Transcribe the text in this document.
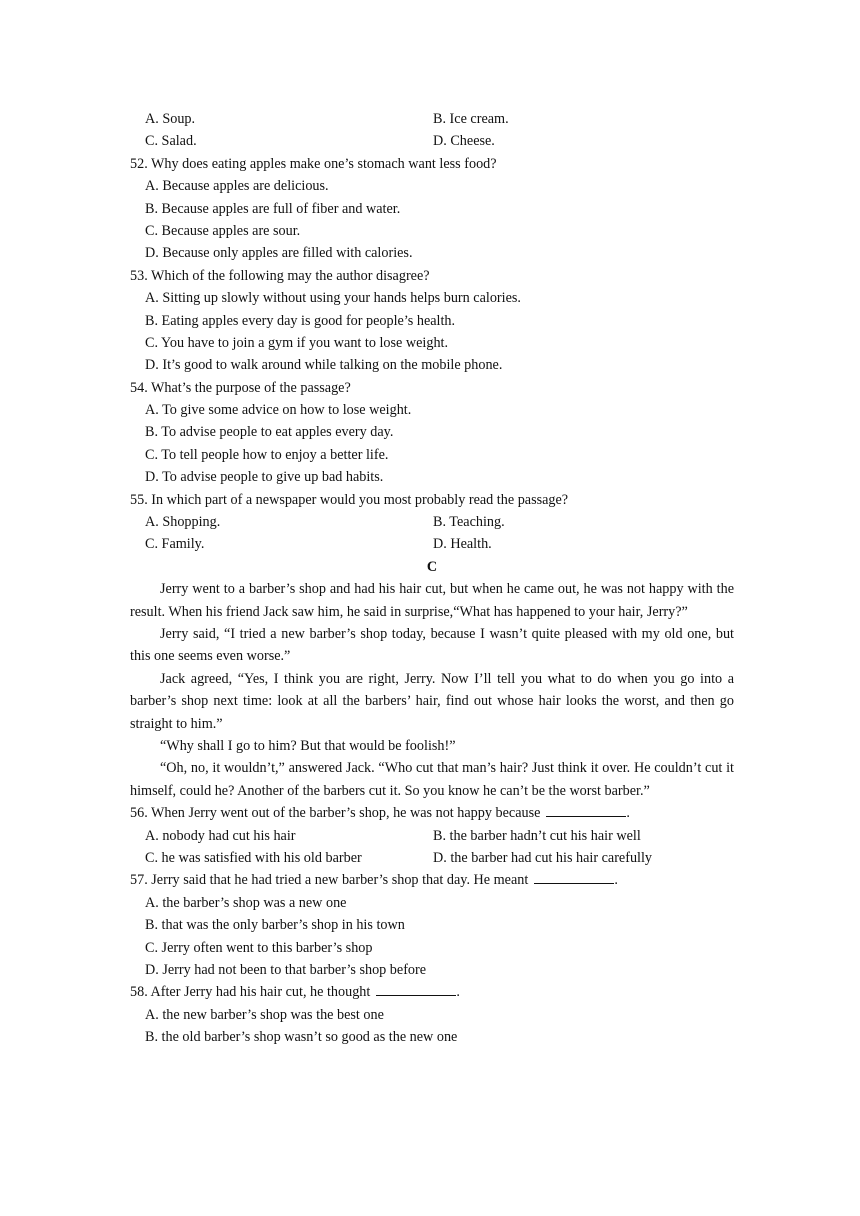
A. Soup.	B. Ice cream.
C. Salad.	D. Cheese.
52. Why does eating apples make one’s stomach want less food?
A. Because apples are delicious.
B. Because apples are full of fiber and water.
C. Because apples are sour.
D. Because only apples are filled with calories.
53. Which of the following may the author disagree?
A. Sitting up slowly without using your hands helps burn calories.
B. Eating apples every day is good for people’s health.
C. You have to join a gym if you want to lose weight.
D. It’s good to walk around while talking on the mobile phone.
54. What’s the purpose of the passage?
A. To give some advice on how to lose weight.
B. To advise people to eat apples every day.
C. To tell people how to enjoy a better life.
D. To advise people to give up bad habits.
55. In which part of a newspaper would you most probably read the passage?
A. Shopping.	B. Teaching.
C. Family.	D. Health.
C

Jerry went to a barber’s shop and had his hair cut, but when he came out, he was not happy with the result. When his friend Jack saw him, he said in surprise,“What has happened to your hair, Jerry?”

Jerry said, “I tried a new barber’s shop today, because I wasn’t quite pleased with my old one, but this one seems even worse.”

Jack agreed, “Yes, I think you are right, Jerry. Now I’ll tell you what to do when you go into a barber’s shop next time: look at all the barbers’ hair, find out whose hair looks the worst, and then go straight to him.”

“Why shall I go to him? But that would be foolish!”

“Oh, no, it wouldn’t,” answered Jack. “Who cut that man’s hair? Just think it over. He couldn’t cut it himself, could he? Another of the barbers cut it. So you know he can’t be the worst barber.”

56. When Jerry went out of the barber’s shop, he was not happy because	.
A. nobody had cut his hair	B. the barber hadn’t cut his hair well
C. he was satisfied with his old barber	D. the barber had cut his hair carefully
57. Jerry said that he had tried a new barber’s shop that day. He meant	.
A. the barber’s shop was a new one
B. that was the only barber’s shop in his town
C. Jerry often went to this barber’s shop
D. Jerry had not been to that barber’s shop before
58. After Jerry had his hair cut, he thought	.
A. the new barber’s shop was the best one
B. the old barber’s shop wasn’t so good as the new one
